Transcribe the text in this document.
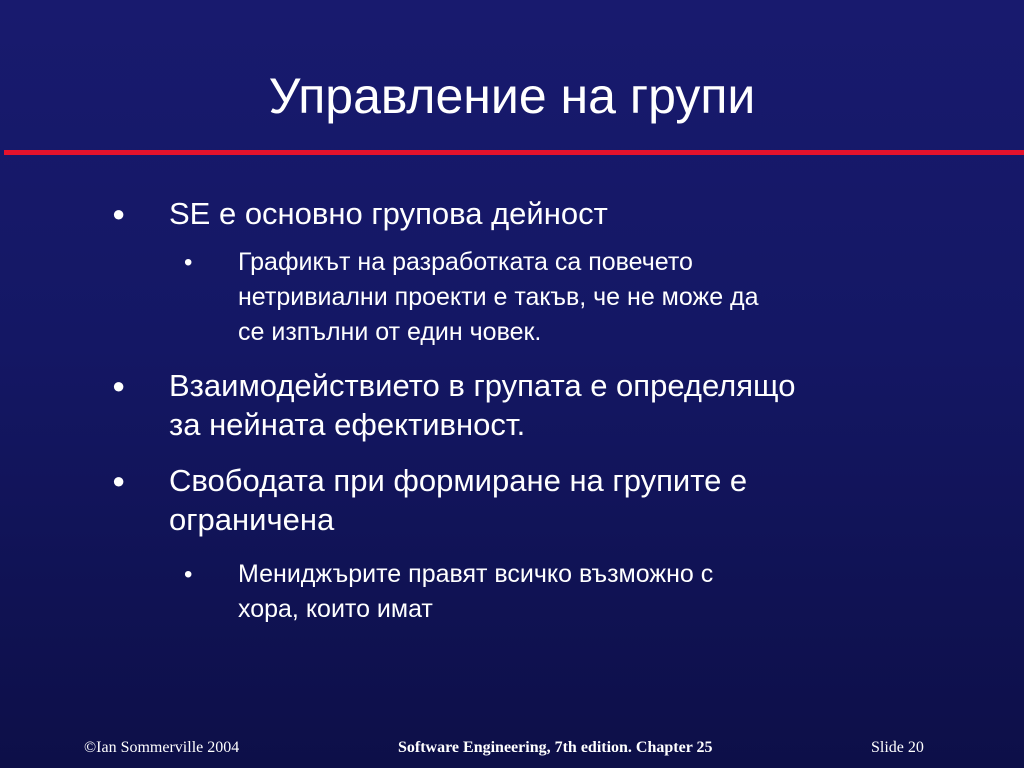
Управление на групи
● SE е основно групова дейност
• Графикът на разработката са повечето
нетривиални проекти е такъв, че не може да
се изпълни от един човек.
● Взаимодействието в групата е определящо
за нейната ефективност.
● Свободата при формиране на групите е
ограничена
• Мениджърите правят всичко възможно с
хора, които имат
©Ian Sommerville 2004	Software Engineering, 7th edition. Chapter 25	Slide 20
